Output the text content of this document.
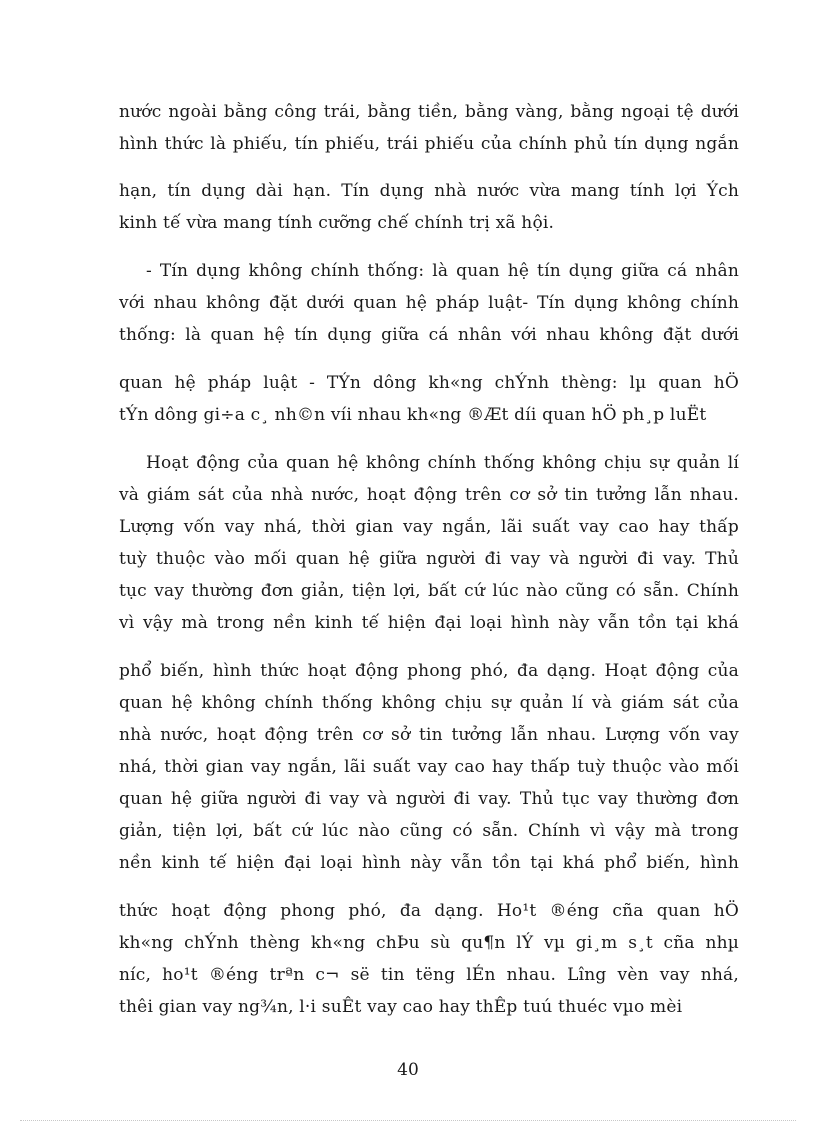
nước ngoài bằng công trái, bằng tiền, bằng vàng, bằng ngoại tệ dưới
hình thức là phiếu, tín phiếu, trái phiếu của chính phủ tín dụng ngắn
hạn, tín dụng dài hạn. Tín dụng nhà nước vừa mang tính lợi Ých
kinh tế vừa mang tính cưỡng chế chính trị xã hội.
- Tín dụng không chính thống: là quan hệ tín dụng giữa cá nhân
với nhau không đặt dưới quan hệ pháp luật- Tín dụng không chính
thống: là quan hệ tín dụng giữa cá nhân với nhau không đặt dưới
quan hệ pháp luật - TÝn dông kh«ng chÝnh thèng: lµ quan hÖ
tÝn dông gi÷a c¸ nh©n víi nhau kh«ng ®Æt díi quan hÖ ph¸p luËt
Hoạt động của quan hệ không chính thống không chịu sự quản lí
và giám sát của nhà nước, hoạt động trên cơ sở tin tưởng lẫn nhau.
Lượng vốn vay nhá, thời gian vay ngắn, lãi suất vay cao hay thấp
tuỳ thuộc vào mối quan hệ giữa người đi vay và người đi vay. Thủ
tục vay thường đơn giản, tiện lợi, bất cứ lúc nào cũng có sẵn. Chính
vì vậy mà trong nền kinh tế hiện đại loại hình này vẫn tồn tại khá
phổ biến, hình thức hoạt động phong phó, đa dạng. Hoạt động của
quan hệ không chính thống không chịu sự quản lí và giám sát của
nhà nước, hoạt động trên cơ sở tin tưởng lẫn nhau. Lượng vốn vay
nhá, thời gian vay ngắn, lãi suất vay cao hay thấp tuỳ thuộc vào mối
quan hệ giữa người đi vay và người đi vay. Thủ tục vay thường đơn
giản, tiện lợi, bất cứ lúc nào cũng có sẵn. Chính vì vậy mà trong
nền kinh tế hiện đại loại hình này vẫn tồn tại khá phổ biến, hình
thức hoạt động phong phó, đa dạng. Ho¹t ®éng cña quan hÖ
kh«ng chÝnh thèng kh«ng chÞu sù qu¶n lÝ vµ gi¸m s¸t cña nhµ
níc, ho¹t ®éng trªn c¬ së tin tëng lÉn nhau. Lîng vèn vay nhá,
thêi gian vay ng¾n, l·i suÊt vay cao hay thÊp tuú thuéc vµo mèi
40
